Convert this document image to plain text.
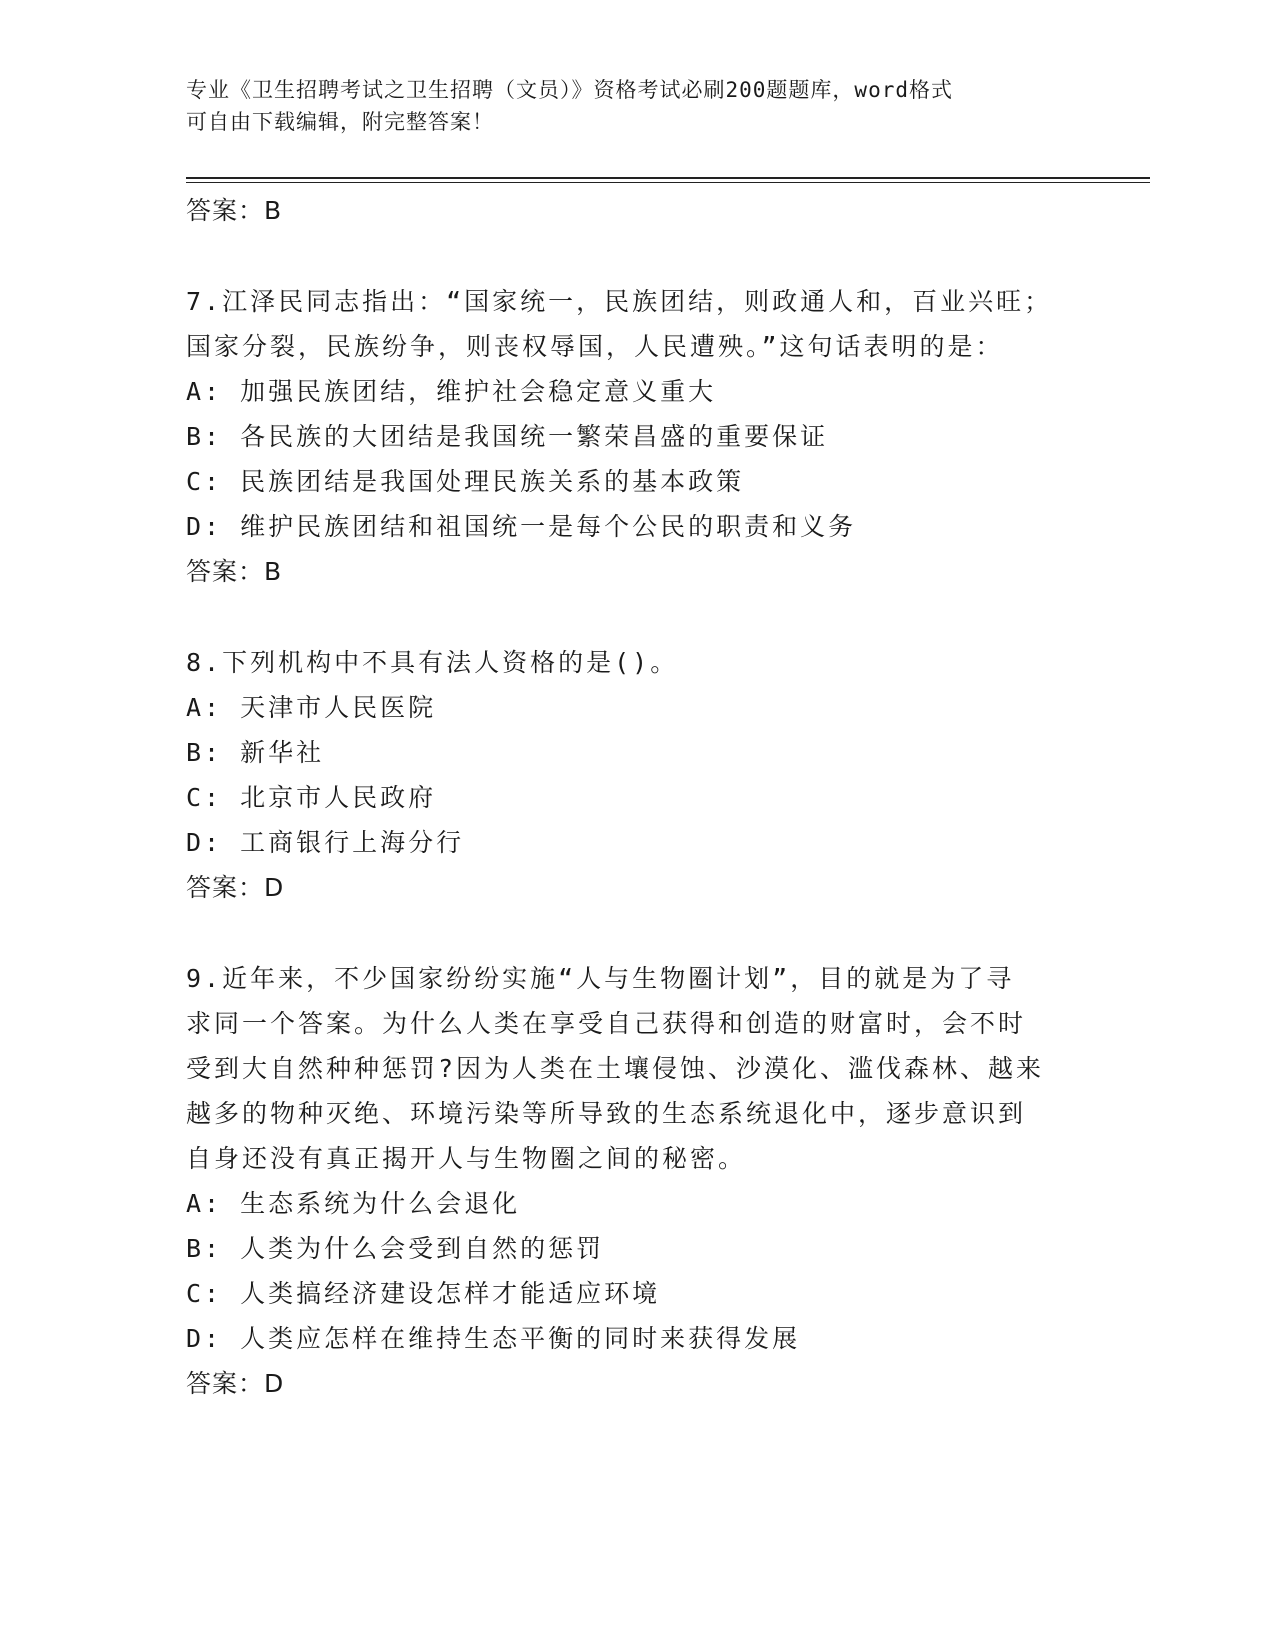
专业《卫生招聘考试之卫生招聘（文员）》资格考试必刷200题题库，word格式
可自由下载编辑，附完整答案！
答案：B
7.江泽民同志指出：“国家统一，民族团结，则政通人和，百业兴旺；
国家分裂，民族纷争，则丧权辱国，人民遭殃。”这句话表明的是：
A: 加强民族团结，维护社会稳定意义重大
B: 各民族的大团结是我国统一繁荣昌盛的重要保证
C: 民族团结是我国处理民族关系的基本政策
D: 维护民族团结和祖国统一是每个公民的职责和义务
答案：B
8.下列机构中不具有法人资格的是()。
A: 天津市人民医院
B: 新华社
C: 北京市人民政府
D: 工商银行上海分行
答案：D
9.近年来，不少国家纷纷实施“人与生物圈计划”，目的就是为了寻
求同一个答案。为什么人类在享受自己获得和创造的财富时，会不时
受到大自然种种惩罚?因为人类在土壤侵蚀、沙漠化、滥伐森林、越来
越多的物种灭绝、环境污染等所导致的生态系统退化中，逐步意识到
自身还没有真正揭开人与生物圈之间的秘密。
A: 生态系统为什么会退化
B: 人类为什么会受到自然的惩罚
C: 人类搞经济建设怎样才能适应环境
D: 人类应怎样在维持生态平衡的同时来获得发展
答案：D
